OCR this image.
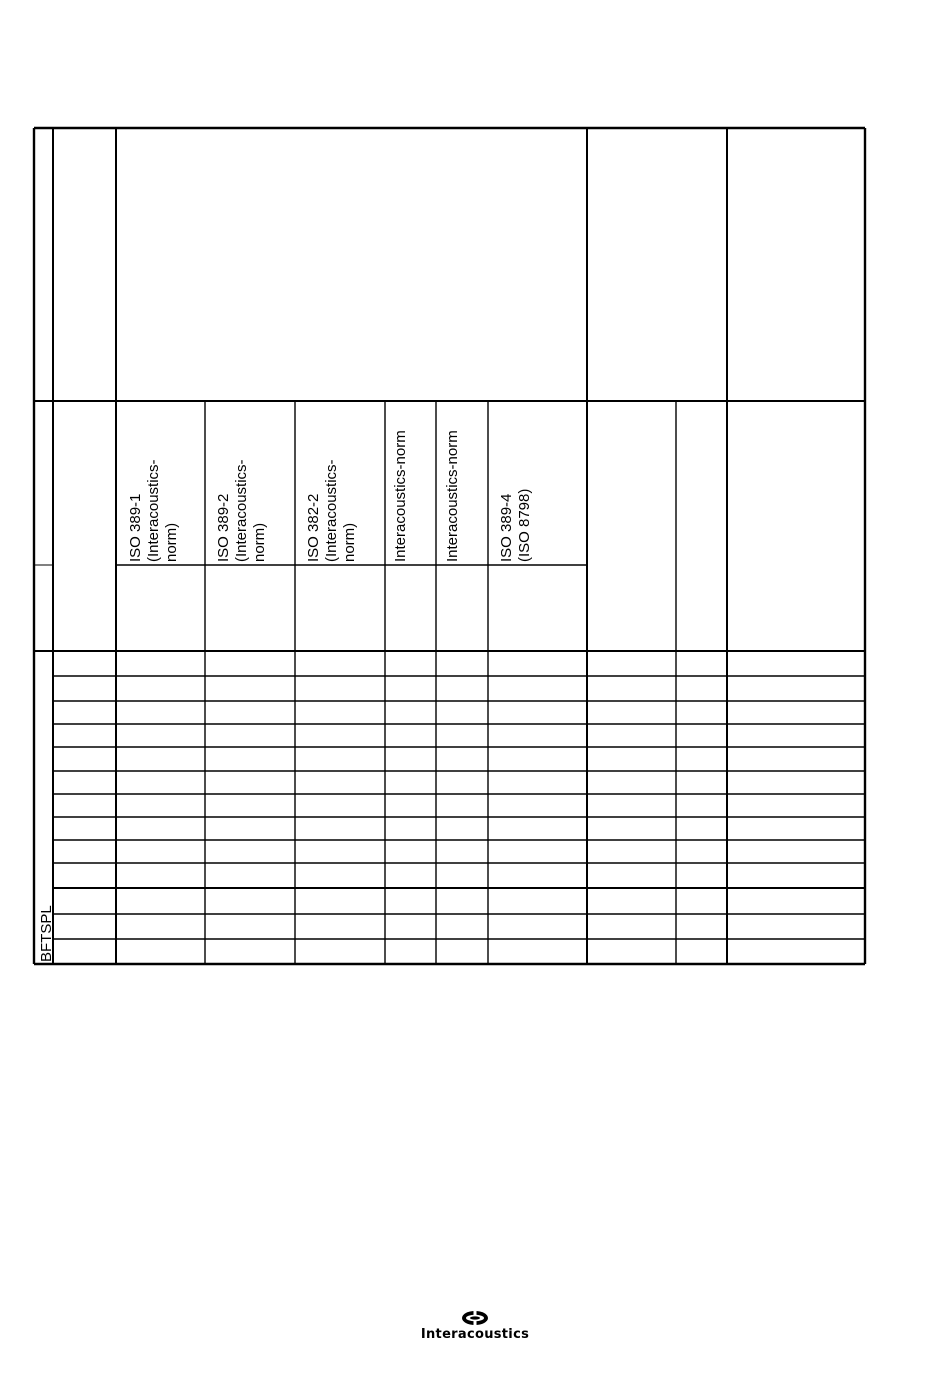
ISO 389-1 (Interacoustics- norm) ISO 389-2 (Interacoustics- norm) ISO 382-2 (Interacoustics- norm) Interacoustics-norm Interacoustics-norm ISO 389-4 (ISO 8798)
BFTSPL
Interacoustics
